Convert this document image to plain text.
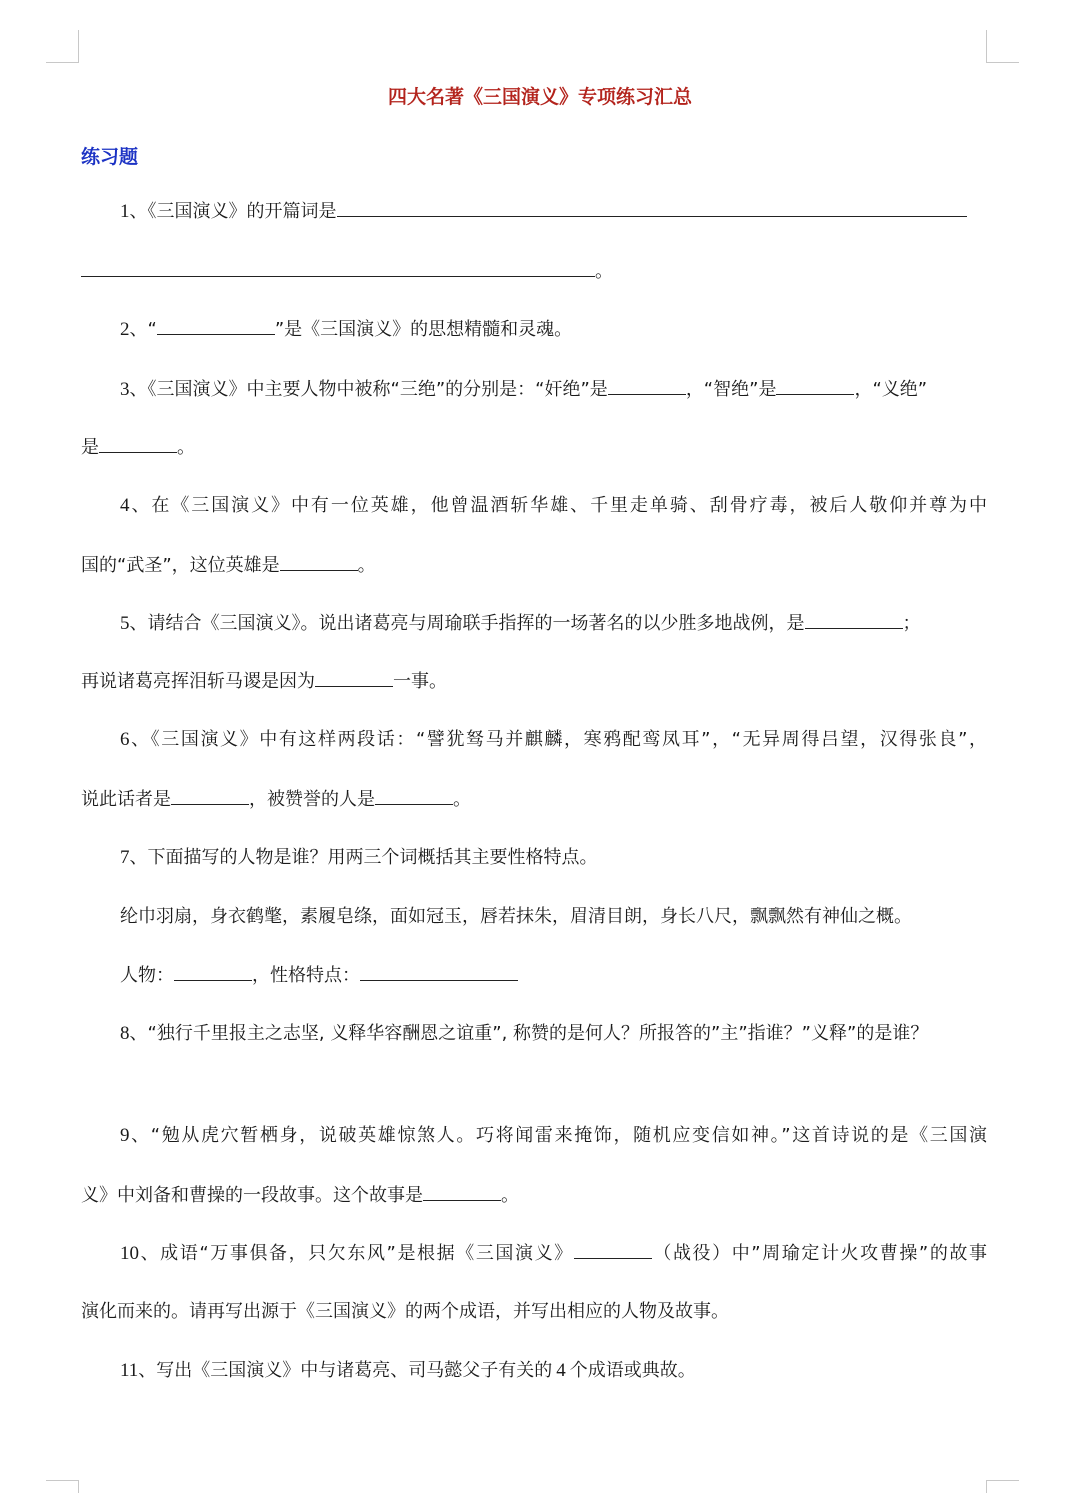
四大名著《三国演义》专项练习汇总
练习题
1、《三国演义》的开篇词是
。
2、“	”是《三国演义》的思想精髓和灵魂。
3、《三国演义》中主要人物中被称“三绝”的分别是：“奸绝”是	，“智绝”是	，“义绝”
是	。
4、在《三国演义》中有一位英雄，他曾温酒斩华雄、千里走单骑、刮骨疗毒，被后人敬仰并尊为中
国的“武圣”，这位英雄是	。
5、请结合《三国演义》。说出诸葛亮与周瑜联手指挥的一场著名的以少胜多地战例，是	；
再说诸葛亮挥泪斩马谡是因为	一事。
6、《三国演义》中有这样两段话：“譬犹驽马并麒麟，寒鸦配鸾凤耳”，“无异周得吕望，汉得张良”，
说此话者是	，被赞誉的人是	。
7、下面描写的人物是谁？用两三个词概括其主要性格特点。
纶巾羽扇，身衣鹤氅，素履皂绦，面如冠玉，唇若抹朱，眉清目朗，身长八尺，飘飘然有神仙之概。
人物：	，性格特点：
8、“独行千里报主之志坚, 义释华容酬恩之谊重”, 称赞的是何人？所报答的”主”指谁？”义释”的是谁？
9、“勉从虎穴暂栖身，说破英雄惊煞人。巧将闻雷来掩饰，随机应变信如神。”这首诗说的是《三国演
义》中刘备和曹操的一段故事。这个故事是	。
10、成语“万事俱备，只欠东风”是根据《三国演义》	（战役）中”周瑜定计火攻曹操”的故事
演化而来的。请再写出源于《三国演义》的两个成语，并写出相应的人物及故事。
11、写出《三国演义》中与诸葛亮、司马懿父子有关的 4 个成语或典故。
